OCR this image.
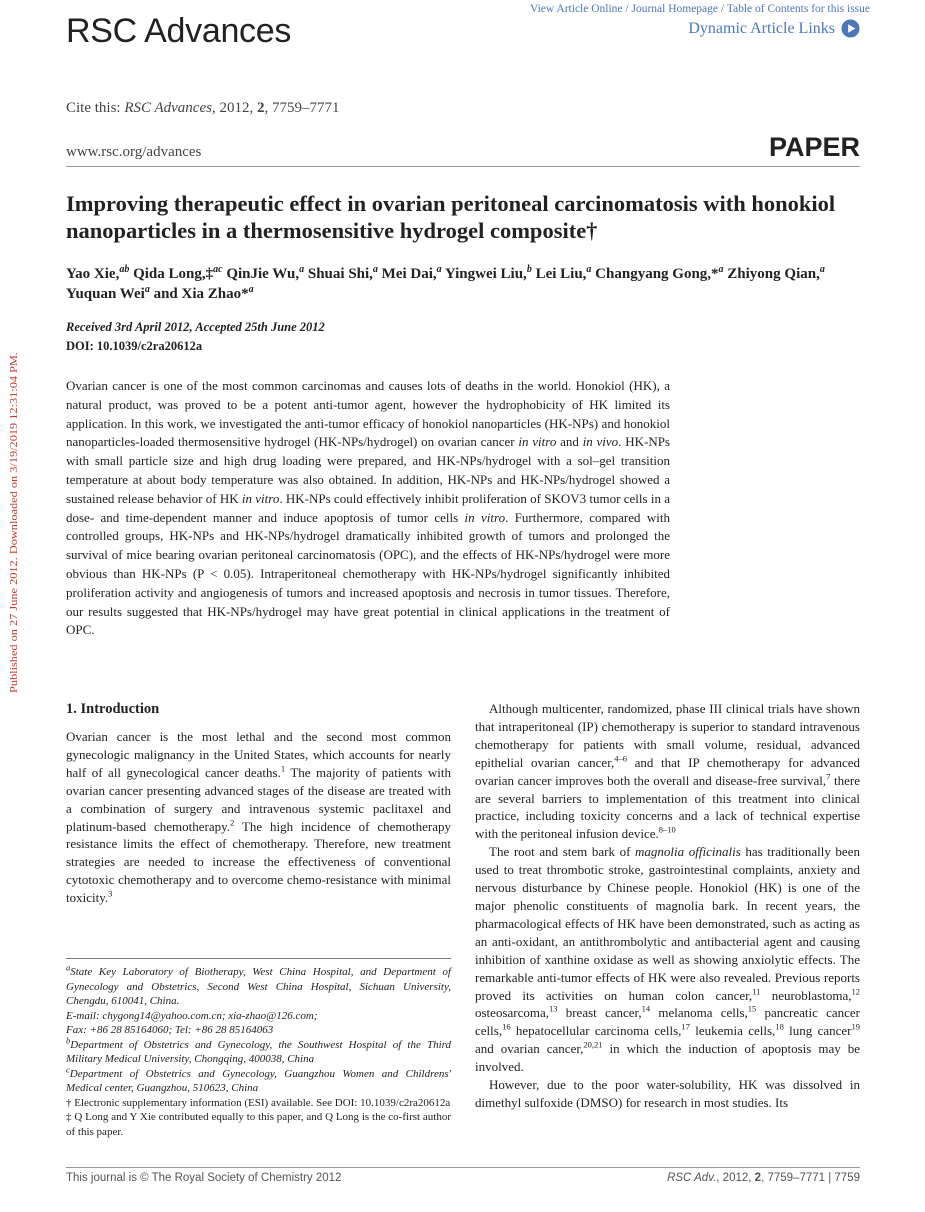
RSC Advances
View Article Online / Journal Homepage / Table of Contents for this issue
Dynamic Article Links
Cite this: RSC Advances, 2012, 2, 7759–7771
www.rsc.org/advances	PAPER
Improving therapeutic effect in ovarian peritoneal carcinomatosis with honokiol nanoparticles in a thermosensitive hydrogel composite†
Yao Xie,$^{ab}$ Qida Long,‡$^{ac}$ QinJie Wu,$^a$ Shuai Shi,$^a$ Mei Dai,$^a$ Yingwei Liu,$^b$ Lei Liu,$^a$ Changyang Gong,*$^a$ Zhiyong Qian,$^a$ Yuquan Wei$^a$ and Xia Zhao*$^a$
Received 3rd April 2012, Accepted 25th June 2012
DOI: 10.1039/c2ra20612a
Published on 27 June 2012. Downloaded on 3/19/2019 12:31:04 PM.

Ovarian cancer is one of the most common carcinomas and causes lots of deaths in the world. Honokiol (HK), a natural product, was proved to be a potent anti-tumor agent, however the hydrophobicity of HK limited its application. In this work, we investigated the anti-tumor efficacy of honokiol nanoparticles (HK-NPs) and honokiol nanoparticles-loaded thermosensitive hydrogel (HK-NPs/hydrogel) on ovarian cancer in vitro and in vivo. HK-NPs with small particle size and high drug loading were prepared, and HK-NPs/hydrogel with a sol–gel transition temperature at about body temperature was also obtained. In addition, HK-NPs and HK-NPs/hydrogel showed a sustained release behavior of HK in vitro. HK-NPs could effectively inhibit proliferation of SKOV3 tumor cells in a dose- and time-dependent manner and induce apoptosis of tumor cells in vitro. Furthermore, compared with controlled groups, HK-NPs and HK-NPs/hydrogel dramatically inhibited growth of tumors and prolonged the survival of mice bearing ovarian peritoneal carcinomatosis (OPC), and the effects of HK-NPs/hydrogel were more obvious than HK-NPs (P < 0.05). Intraperitoneal chemotherapy with HK-NPs/hydrogel significantly inhibited proliferation activity and angiogenesis of tumors and increased apoptosis and necrosis in tumor tissues. Therefore, our results suggested that HK-NPs/hydrogel may have great potential in clinical applications in the treatment of OPC.

1. Introduction

Ovarian cancer is the most lethal and the second most common gynecologic malignancy in the United States, which accounts for nearly half of all gynecological cancer deaths.$^1$ The majority of patients with ovarian cancer presenting advanced stages of the disease are treated with a combination of surgery and intravenous systemic paclitaxel and platinum-based chemotherapy.$^2$ The high incidence of chemotherapy resistance limits the effect of chemotherapy. Therefore, new treatment strategies are needed to increase the effectiveness of conventional cytotoxic chemotherapy and to overcome chemo-resistance with minimal toxicity.$^3$

$^a$State Key Laboratory of Biotherapy, West China Hospital, and Department of Gynecology and Obstetrics, Second West China Hospital, Sichuan University, Chengdu, 610041, China.

E-mail: chygong14@yahoo.com.cn; xia-zhao@126.com;

Fax: +86 28 85164060; Tel: +86 28 85164063

$^b$Department of Obstetrics and Gynecology, the Southwest Hospital of the Third Military Medical University, Chongqing, 400038, China

$^c$Department of Obstetrics and Gynecology, Guangzhou Women and Childrens' Medical center, Guangzhou, 510623, China

† Electronic supplementary information (ESI) available. See DOI: 10.1039/c2ra20612a

‡ Q Long and Y Xie contributed equally to this paper, and Q Long is the co-first author of this paper.

Although multicenter, randomized, phase III clinical trials have shown that intraperitoneal (IP) chemotherapy is superior to standard intravenous chemotherapy for patients with small volume, residual, advanced epithelial ovarian cancer,$^{4-6}$ and that IP chemotherapy for advanced ovarian cancer improves both the overall and disease-free survival,$^7$ there are several barriers to implementation of this treatment into clinical practice, including toxicity concerns and a lack of technical expertise with the peritoneal infusion device.$^{8-10}$

The root and stem bark of magnolia officinalis has traditionally been used to treat thrombotic stroke, gastrointestinal complaints, anxiety and nervous disturbance by Chinese people. Honokiol (HK) is one of the major phenolic constituents of magnolia bark. In recent years, the pharmacological effects of HK have been demonstrated, such as acting as an anti-oxidant, an antithrombolytic and antibacterial agent and causing inhibition of xanthine oxidase as well as showing anxiolytic effects. The remarkable anti-tumor effects of HK were also revealed. Previous reports proved its activities on human colon cancer,$^{11}$ neuroblastoma,$^{12}$ osteosarcoma,$^{13}$ breast cancer,$^{14}$ melanoma cells,$^{15}$ pancreatic cancer cells,$^{16}$ hepatocellular carcinoma cells,$^{17}$ leukemia cells,$^{18}$ lung cancer$^{19}$ and ovarian cancer,$^{20,21}$ in which the induction of apoptosis may be involved.

However, due to the poor water-solubility, HK was dissolved in dimethyl sulfoxide (DMSO) for research in most studies. Its

This journal is © The Royal Society of Chemistry 2012	RSC Adv., 2012, 2, 7759–7771 | 7759
